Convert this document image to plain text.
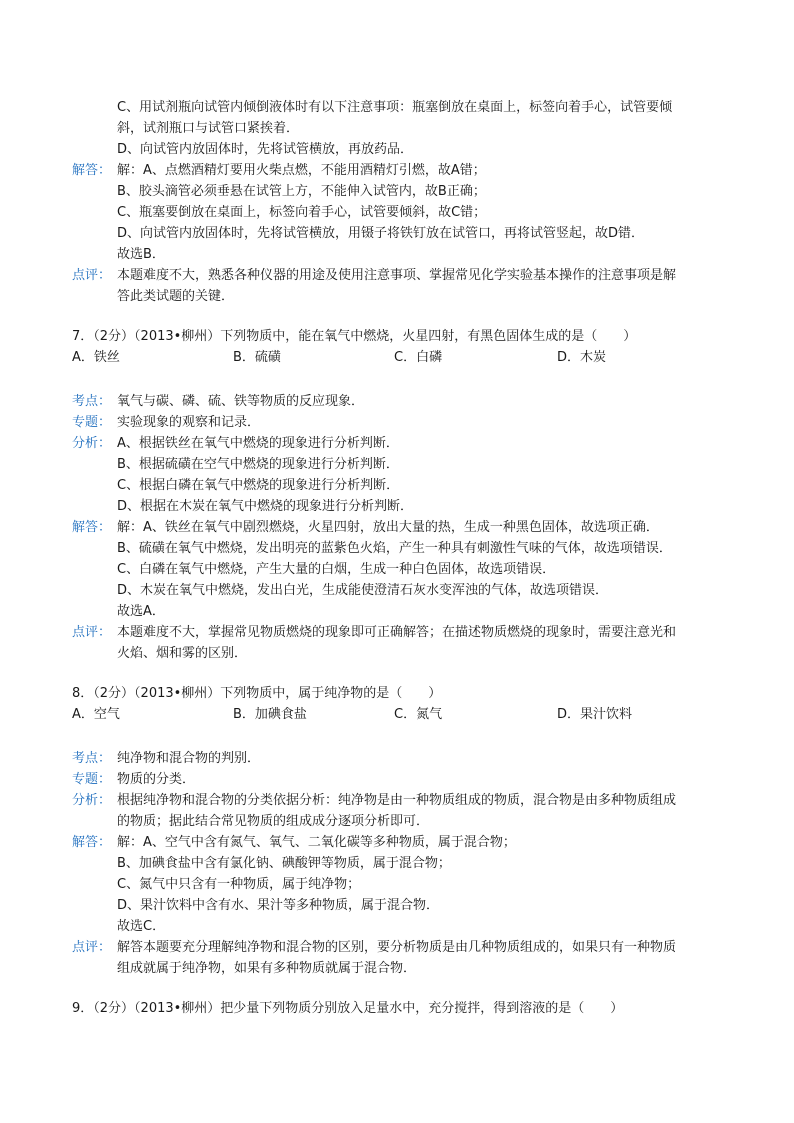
C、用试剂瓶向试管内倾倒液体时有以下注意事项：瓶塞倒放在桌面上，标签向着手心，试管要倾
斜，试剂瓶口与试管口紧挨着．
D、向试管内放固体时，先将试管横放，再放药品．
解答： 解：A、点燃酒精灯要用火柴点燃，不能用酒精灯引燃，故A错；
B、胶头滴管必须垂悬在试管上方，不能伸入试管内，故B正确；
C、瓶塞要倒放在桌面上，标签向着手心，试管要倾斜，故C错；
D、向试管内放固体时，先将试管横放，用镊子将铁钉放在试管口，再将试管竖起，故D错．
故选B．
点评： 本题难度不大，熟悉各种仪器的用途及使用注意事项、掌握常见化学实验基本操作的注意事项是解
答此类试题的关键．
7．（2分）（2013•柳州）下列物质中，能在氧气中燃烧，火星四射，有黑色固体生成的是（　　）
A．铁丝	B．硫磺	C．白磷	D．木炭
考点： 氧气与碳、磷、硫、铁等物质的反应现象．
专题： 实验现象的观察和记录．
分析： A、根据铁丝在氧气中燃烧的现象进行分析判断．
B、根据硫磺在空气中燃烧的现象进行分析判断．
C、根据白磷在氧气中燃烧的现象进行分析判断．
D、根据在木炭在氧气中燃烧的现象进行分析判断．
解答： 解：A、铁丝在氧气中剧烈燃烧，火星四射，放出大量的热，生成一种黑色固体，故选项正确．
B、硫磺在氧气中燃烧，发出明亮的蓝紫色火焰，产生一种具有刺激性气味的气体，故选项错误．
C、白磷在氧气中燃烧，产生大量的白烟，生成一种白色固体，故选项错误．
D、木炭在氧气中燃烧，发出白光，生成能使澄清石灰水变浑浊的气体，故选项错误．
故选A．
点评： 本题难度不大，掌握常见物质燃烧的现象即可正确解答；在描述物质燃烧的现象时，需要注意光和
火焰、烟和雾的区别．
8．（2分）（2013•柳州）下列物质中，属于纯净物的是（　　）
A．空气	B．加碘食盐	C．氮气	D．果汁饮料
考点： 纯净物和混合物的判别．
专题： 物质的分类．
分析： 根据纯净物和混合物的分类依据分析：纯净物是由一种物质组成的物质，混合物是由多种物质组成
的物质；据此结合常见物质的组成成分逐项分析即可．
解答： 解：A、空气中含有氮气、氧气、二氧化碳等多种物质，属于混合物；
B、加碘食盐中含有氯化钠、碘酸钾等物质，属于混合物；
C、氮气中只含有一种物质，属于纯净物；
D、果汁饮料中含有水、果汁等多种物质，属于混合物．
故选C．
点评： 解答本题要充分理解纯净物和混合物的区别，要分析物质是由几种物质组成的，如果只有一种物质
组成就属于纯净物，如果有多种物质就属于混合物．
9．（2分）（2013•柳州）把少量下列物质分别放入足量水中，充分搅拌，得到溶液的是（　　）
